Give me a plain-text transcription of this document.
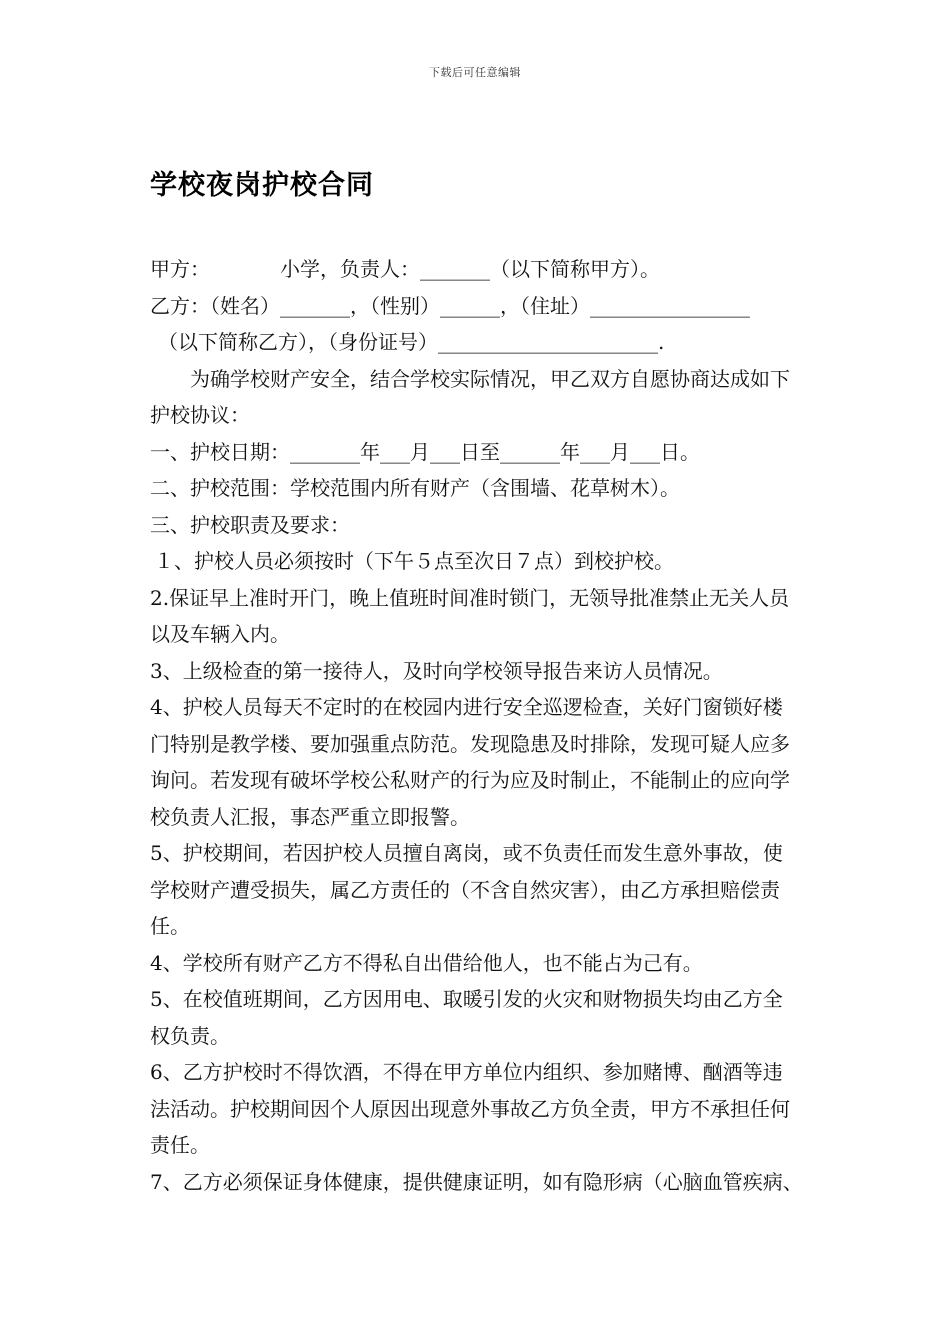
下载后可任意编辑
学校夜岗护校合同
甲方：　　　　小学，负责人：_______（以下简称甲方）。
乙方：（姓名）_______，（性别）______，（住址）________________
（以下简称乙方），（身份证号）______________________.
为确学校财产安全，结合学校实际情况，甲乙双方自愿协商达成如下
护校协议：
一、护校日期：_______年___月___日至______年___月___日。
二、护校范围：学校范围内所有财产（含围墙、花草树木）。
三、护校职责及要求：
１、护校人员必须按时（下午５点至次日７点）到校护校。
2.保证早上准时开门，晚上值班时间准时锁门，无领导批准禁止无关人员
以及车辆入内。
3、上级检查的第一接待人，及时向学校领导报告来访人员情况。
4、护校人员每天不定时的在校园内进行安全巡逻检查，关好门窗锁好楼
门特别是教学楼、要加强重点防范。发现隐患及时排除，发现可疑人应多
询问。若发现有破坏学校公私财产的行为应及时制止，不能制止的应向学
校负责人汇报，事态严重立即报警。
5、护校期间，若因护校人员擅自离岗，或不负责任而发生意外事故，使
学校财产遭受损失，属乙方责任的（不含自然灾害），由乙方承担赔偿责
任。
4、学校所有财产乙方不得私自出借给他人，也不能占为己有。
5、在校值班期间，乙方因用电、取暖引发的火灾和财物损失均由乙方全
权负责。
6、乙方护校时不得饮酒，不得在甲方单位内组织、参加赌博、酗酒等违
法活动。护校期间因个人原因出现意外事故乙方负全责，甲方不承担任何
责任。
7、乙方必须保证身体健康，提供健康证明，如有隐形病（心脑血管疾病、
